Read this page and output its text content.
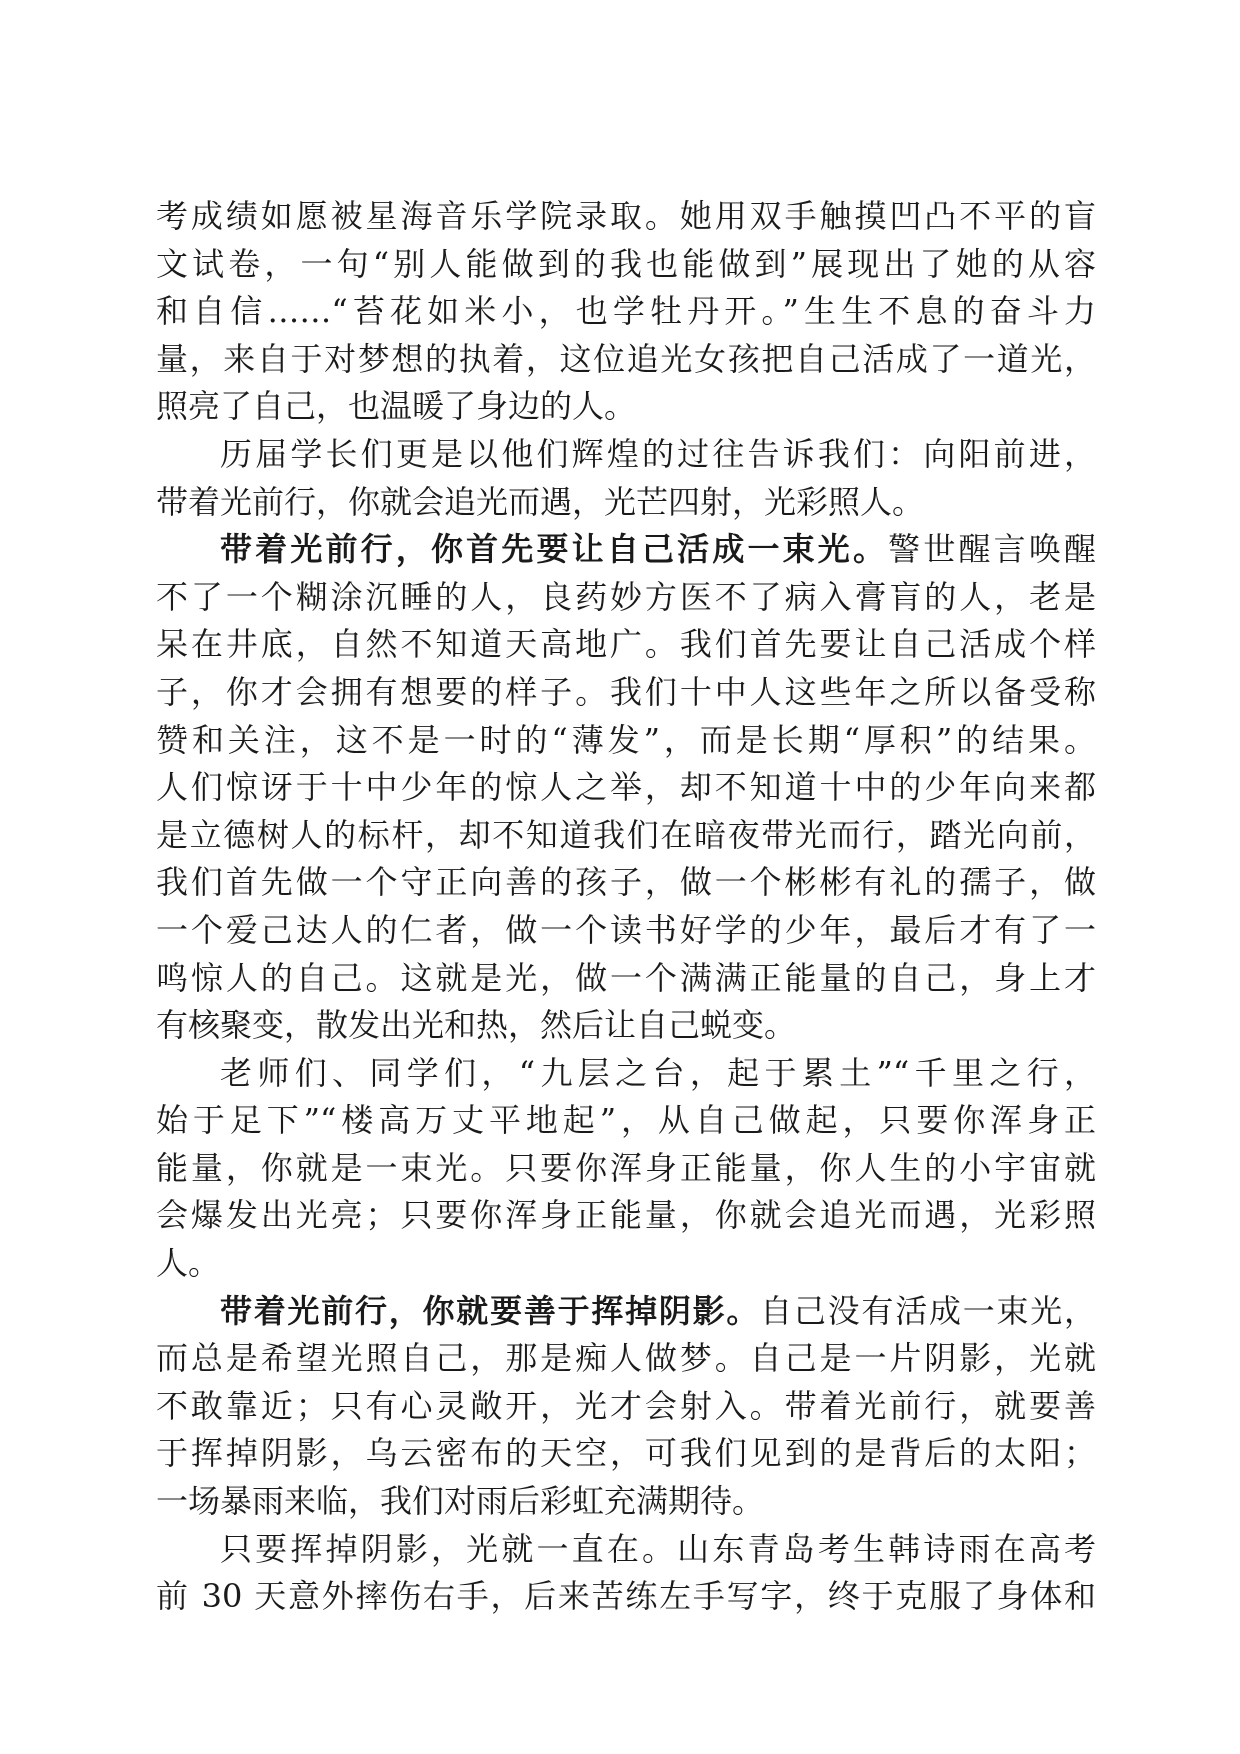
考成绩如愿被星海音乐学院录取。她用双手触摸凹凸不平的盲
文试卷，一句“别人能做到的我也能做到”展现出了她的从容
和自信……“苔花如米小，也学牡丹开。”生生不息的奋斗力
量，来自于对梦想的执着，这位追光女孩把自己活成了一道光，
照亮了自己，也温暖了身边的人。
历届学长们更是以他们辉煌的过往告诉我们：向阳前进，
带着光前行，你就会追光而遇，光芒四射，光彩照人。
带着光前行，你首先要让自己活成一束光。警世醒言唤醒
不了一个糊涂沉睡的人，良药妙方医不了病入膏肓的人，老是
呆在井底，自然不知道天高地广。我们首先要让自己活成个样
子，你才会拥有想要的样子。我们十中人这些年之所以备受称
赞和关注，这不是一时的“薄发”，而是长期“厚积”的结果。
人们惊讶于十中少年的惊人之举，却不知道十中的少年向来都
是立德树人的标杆，却不知道我们在暗夜带光而行，踏光向前，
我们首先做一个守正向善的孩子，做一个彬彬有礼的孺子，做
一个爱己达人的仁者，做一个读书好学的少年，最后才有了一
鸣惊人的自己。这就是光，做一个满满正能量的自己，身上才
有核聚变，散发出光和热，然后让自己蜕变。
老师们、同学们，“九层之台，起于累土”“千里之行，
始于足下”“楼高万丈平地起”，从自己做起，只要你浑身正
能量，你就是一束光。只要你浑身正能量，你人生的小宇宙就
会爆发出光亮；只要你浑身正能量，你就会追光而遇，光彩照
人。
带着光前行，你就要善于挥掉阴影。自己没有活成一束光，
而总是希望光照自己，那是痴人做梦。自己是一片阴影，光就
不敢靠近；只有心灵敞开，光才会射入。带着光前行，就要善
于挥掉阴影，乌云密布的天空，可我们见到的是背后的太阳；
一场暴雨来临，我们对雨后彩虹充满期待。
只要挥掉阴影，光就一直在。山东青岛考生韩诗雨在高考
前 30 天意外摔伤右手，后来苦练左手写字，终于克服了身体和
